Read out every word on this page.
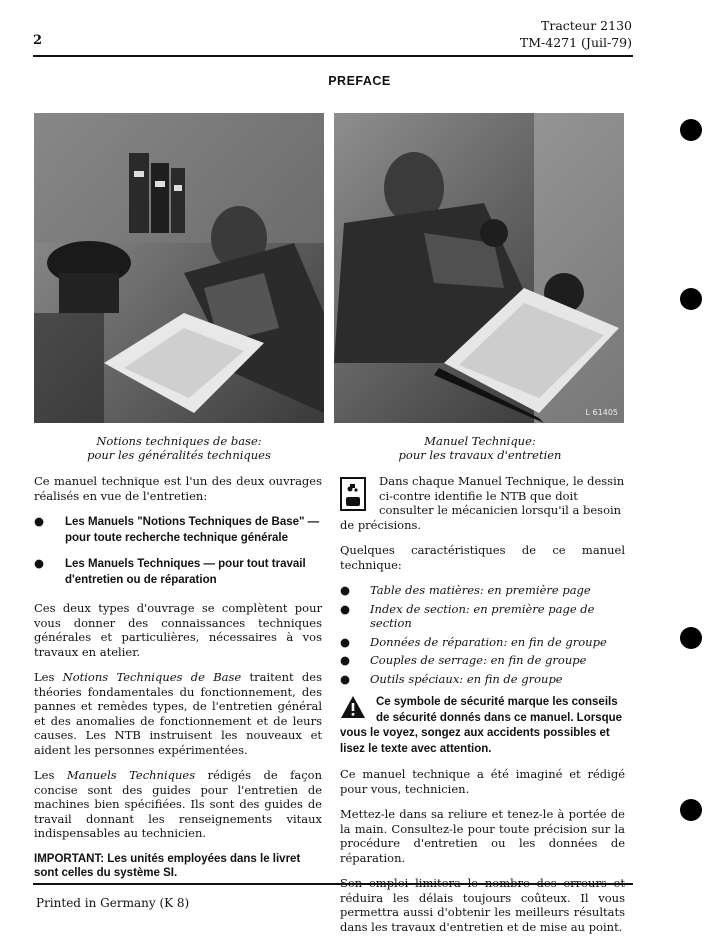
Tracteur 2130
TM-4271 (Juil-79)
2
PREFACE
L 61405
Notions techniques de base:
pour les généralités techniques
Manuel Technique:
pour les travaux d'entretien

Ce manuel technique est l'un des deux ouvrages réalisés en vue de l'entretien:

● Les Manuels "Notions Techniques de Base" — pour toute recherche technique générale
● Les Manuels Techniques — pour tout travail d'entretien ou de réparation

Ces deux types d'ouvrage se complètent pour vous donner des connaissances techniques générales et particulières, nécessaires à vos travaux en atelier.

Les Notions Techniques de Base traitent des théories fondamentales du fonctionnement, des pannes et remèdes types, de l'entretien général et des anomalies de fonctionnement et de leurs causes. Les NTB instruisent les nouveaux et aident les personnes expérimentées.

Les Manuels Techniques rédigés de façon concise sont des guides pour l'entretien de machines bien spécifiées. Ils sont des guides de travail donnant les renseignements vitaux indispensables au technicien.

IMPORTANT: Les unités employées dans le livret sont celles du système SI.

Dans chaque Manuel Technique, le dessin ci-contre identifie le NTB que doit consulter le mécanicien lorsqu'il a besoin de précisions.

Quelques caractéristiques de ce manuel technique:

● Table des matières: en première page
● Index de section: en première page de section
● Données de réparation: en fin de groupe
● Couples de serrage: en fin de groupe
● Outils spéciaux: en fin de groupe
Ce symbole de sécurité marque les conseils de sécurité donnés dans ce manuel. Lorsque vous le voyez, songez aux accidents possibles et lisez le texte avec attention.

Ce manuel technique a été imaginé et rédigé pour vous, technicien.

Mettez-le dans sa reliure et tenez-le à portée de la main. Consultez-le pour toute précision sur la procédure d'entretien ou les données de réparation.

réduira les délais toujours coûteux. Il vous permettra aussi d'obtenir les meilleurs résultats dans les travaux d'entretien et de mise au point.

Printed in Germany (K 8)
